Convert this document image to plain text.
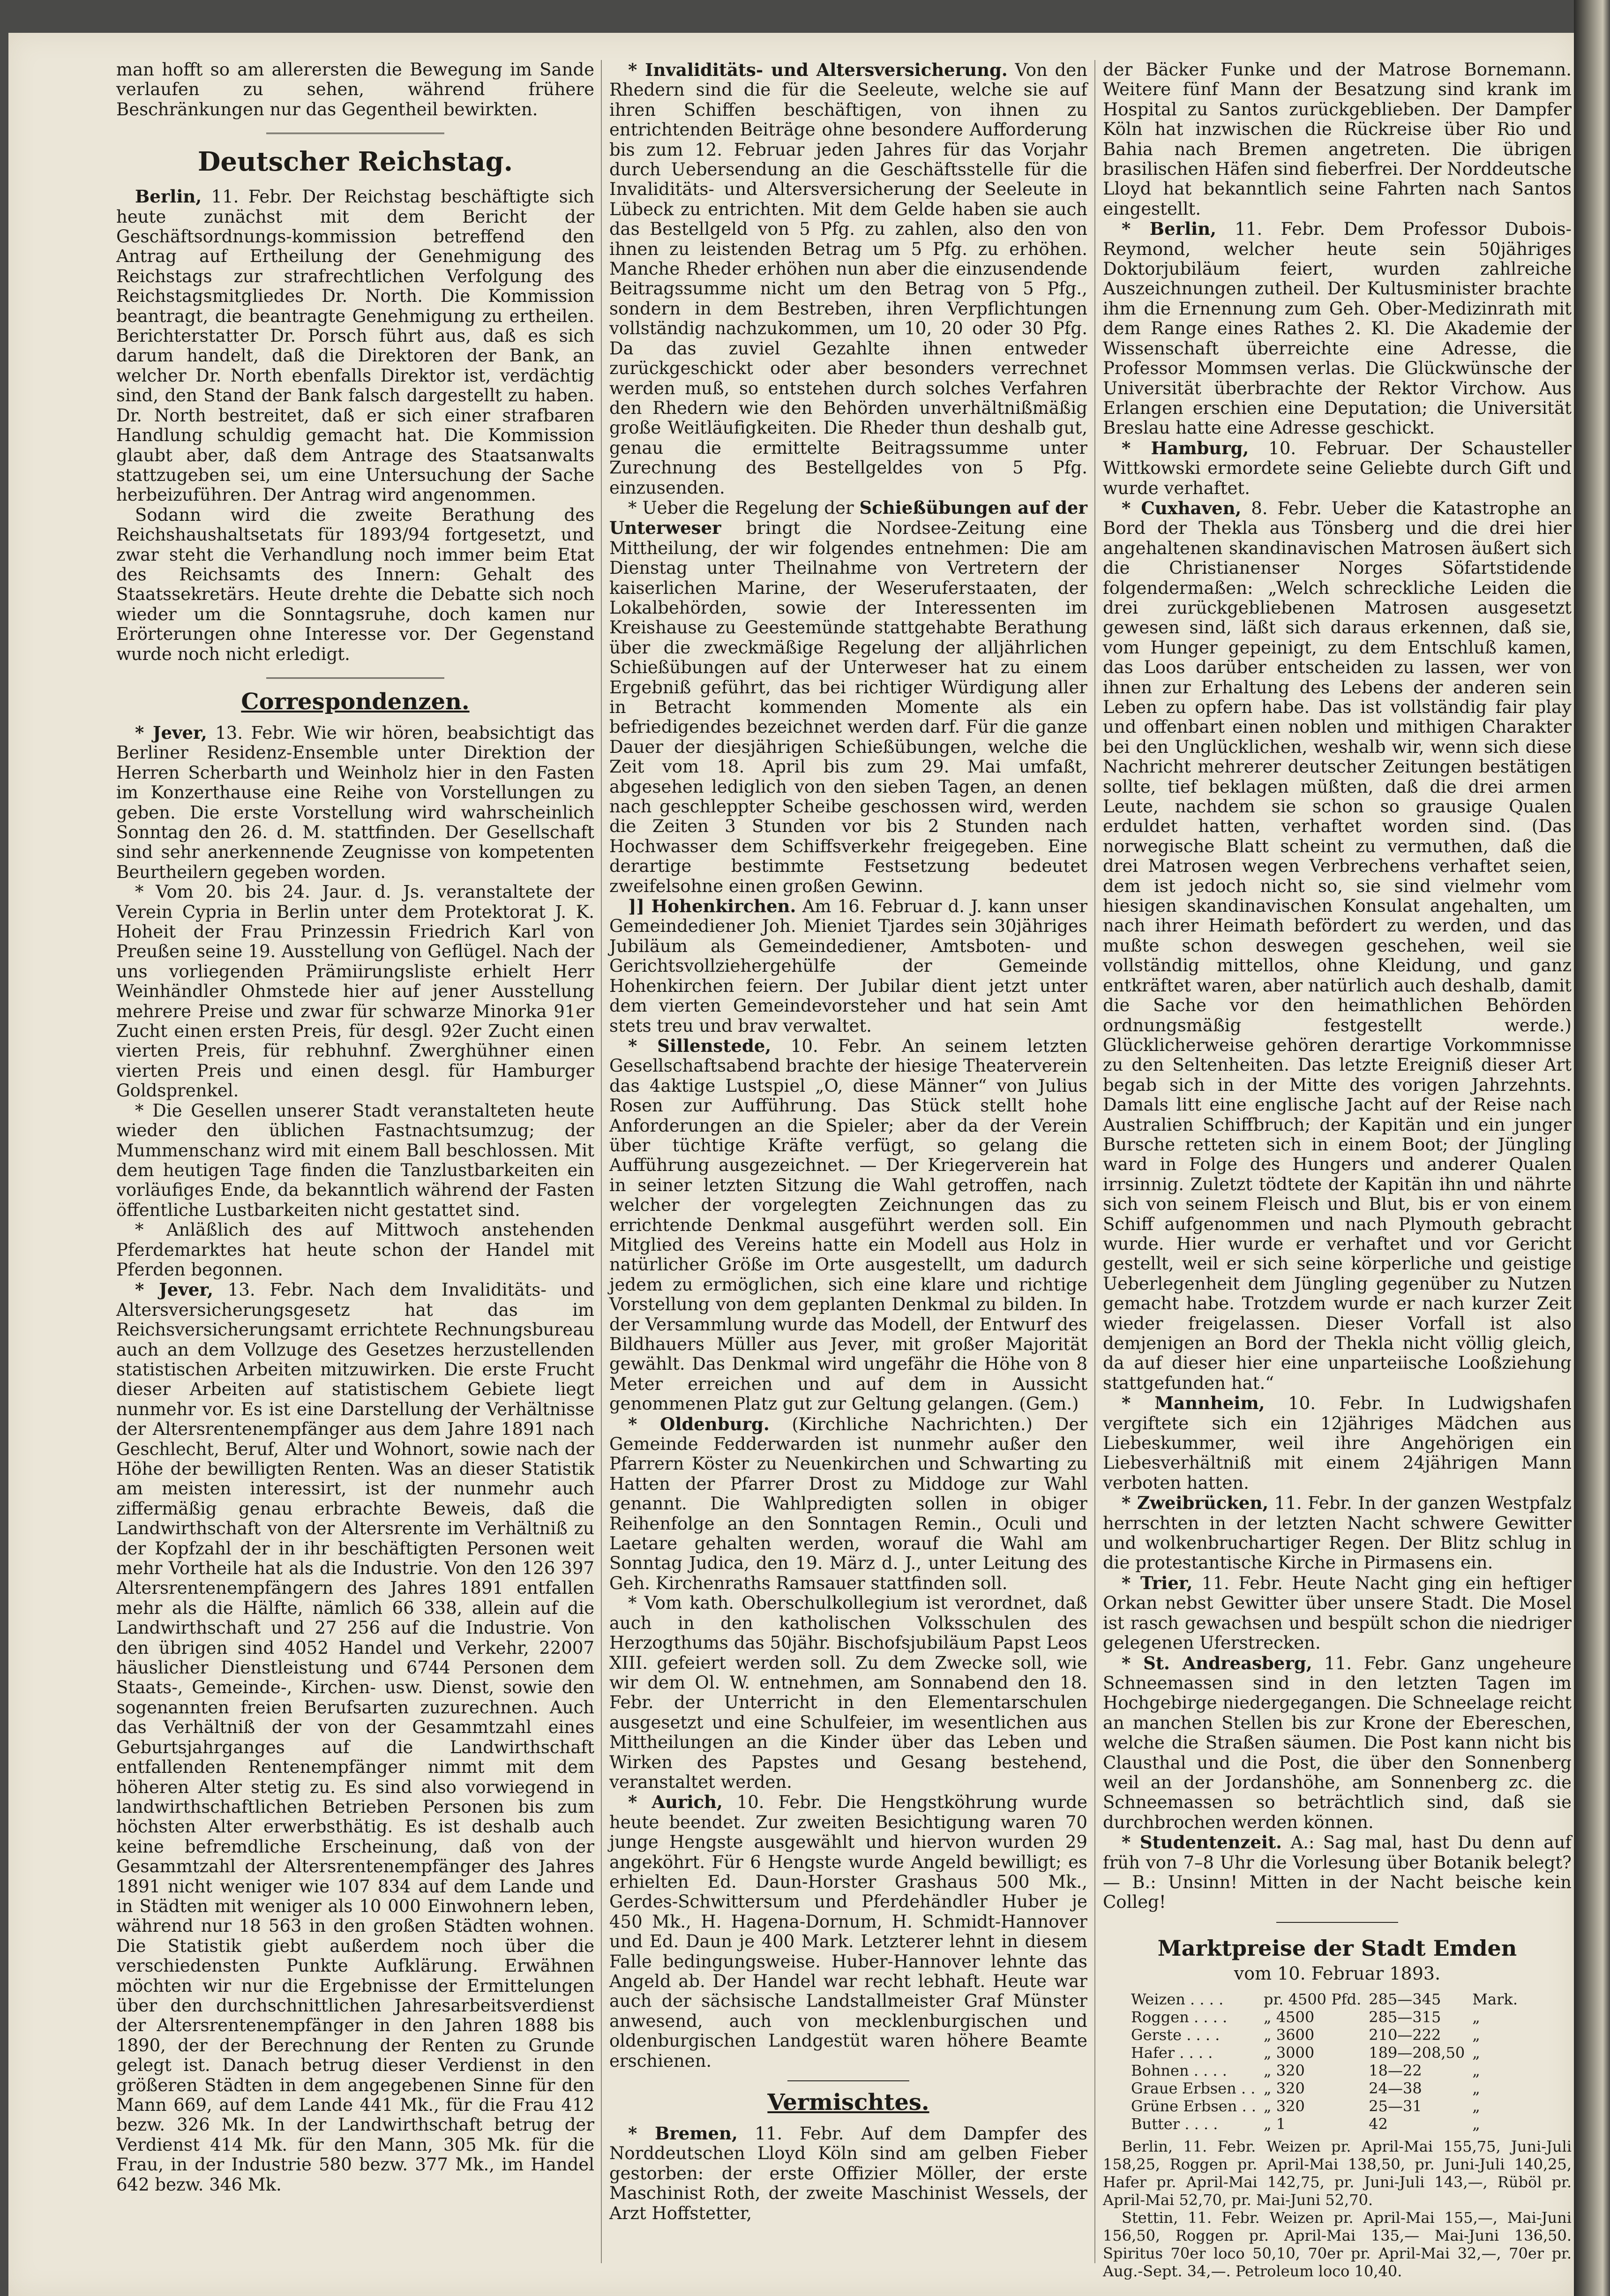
man hofft so am allerersten die Bewegung im Sande verlaufen zu sehen, während frühere Beschränkungen nur das Gegentheil bewirkten.

Deutscher Reichstag.

Berlin, 11. Febr. Der Reichstag beschäftigte sich heute zunächst mit dem Bericht der Geschäftsordnungs-kommission betreffend den Antrag auf Ertheilung der Genehmigung des Reichstags zur strafrechtlichen Verfolgung des Reichstagsmitgliedes Dr. North. Die Kommission beantragt, die beantragte Genehmigung zu ertheilen. Berichterstatter Dr. Porsch führt aus, daß es sich darum handelt, daß die Direktoren der Bank, an welcher Dr. North ebenfalls Direktor ist, verdächtig sind, den Stand der Bank falsch dargestellt zu haben. Dr. North bestreitet, daß er sich einer strafbaren Handlung schuldig gemacht hat. Die Kommission glaubt aber, daß dem Antrage des Staatsanwalts stattzugeben sei, um eine Untersuchung der Sache herbeizuführen. Der Antrag wird angenommen.

Sodann wird die zweite Berathung des Reichshaushaltsetats für 1893/94 fortgesetzt, und zwar steht die Verhandlung noch immer beim Etat des Reichsamts des Innern: Gehalt des Staatssekretärs. Heute drehte die Debatte sich noch wieder um die Sonntagsruhe, doch kamen nur Erörterungen ohne Interesse vor. Der Gegenstand wurde noch nicht erledigt.

Correspondenzen.

* Jever, 13. Febr. Wie wir hören, beabsichtigt das Berliner Residenz-Ensemble unter Direktion der Herren Scherbarth und Weinholz hier in den Fasten im Konzerthause eine Reihe von Vorstellungen zu geben. Die erste Vorstellung wird wahrscheinlich Sonntag den 26. d. M. stattfinden. Der Gesellschaft sind sehr anerkennende Zeugnisse von kompetenten Beurtheilern gegeben worden.

* Vom 20. bis 24. Jaur. d. Js. veranstaltete der Verein Cypria in Berlin unter dem Protektorat J. K. Hoheit der Frau Prinzessin Friedrich Karl von Preußen seine 19. Ausstellung von Geflügel. Nach der uns vorliegenden Prämiirungsliste erhielt Herr Weinhändler Ohmstede hier auf jener Ausstellung mehrere Preise und zwar für schwarze Minorka 91er Zucht einen ersten Preis, für desgl. 92er Zucht einen vierten Preis, für rebhuhnf. Zwerghühner einen vierten Preis und einen desgl. für Hamburger Goldsprenkel.

* Die Gesellen unserer Stadt veranstalteten heute wieder den üblichen Fastnachtsumzug; der Mummenschanz wird mit einem Ball beschlossen. Mit dem heutigen Tage finden die Tanzlustbarkeiten ein vorläufiges Ende, da bekanntlich während der Fasten öffentliche Lustbarkeiten nicht gestattet sind.

* Anläßlich des auf Mittwoch anstehenden Pferdemarktes hat heute schon der Handel mit Pferden begonnen.

* Jever, 13. Febr. Nach dem Invaliditäts- und Altersversicherungsgesetz hat das im Reichsversicherungsamt errichtete Rechnungsbureau auch an dem Vollzuge des Gesetzes herzustellenden statistischen Arbeiten mitzuwirken. Die erste Frucht dieser Arbeiten auf statistischem Gebiete liegt nunmehr vor. Es ist eine Darstellung der Verhältnisse der Altersrentenempfänger aus dem Jahre 1891 nach Geschlecht, Beruf, Alter und Wohnort, sowie nach der Höhe der bewilligten Renten. Was an dieser Statistik am meisten interessirt, ist der nunmehr auch ziffermäßig genau erbrachte Beweis, daß die Landwirthschaft von der Altersrente im Verhältniß zu der Kopfzahl der in ihr beschäftigten Personen weit mehr Vortheile hat als die Industrie. Von den 126 397 Altersrentenempfängern des Jahres 1891 entfallen mehr als die Hälfte, nämlich 66 338, allein auf die Landwirthschaft und 27 256 auf die Industrie. Von den übrigen sind 4052 Handel und Verkehr, 22007 häuslicher Dienstleistung und 6744 Personen dem Staats-, Gemeinde-, Kirchen- usw. Dienst, sowie den sogenannten freien Berufsarten zuzurechnen. Auch das Verhältniß der von der Gesammtzahl eines Geburtsjahrganges auf die Landwirthschaft entfallenden Rentenempfänger nimmt mit dem höheren Alter stetig zu. Es sind also vorwiegend in landwirthschaftlichen Betrieben Personen bis zum höchsten Alter erwerbsthätig. Es ist deshalb auch keine befremdliche Erscheinung, daß von der Gesammtzahl der Altersrentenempfänger des Jahres 1891 nicht weniger wie 107 834 auf dem Lande und in Städten mit weniger als 10 000 Einwohnern leben, während nur 18 563 in den großen Städten wohnen. Die Statistik giebt außerdem noch über die verschiedensten Punkte Aufklärung. Erwähnen möchten wir nur die Ergebnisse der Ermittelungen über den durchschnittlichen Jahresarbeitsverdienst der Altersrentenempfänger in den Jahren 1888 bis 1890, der der Berechnung der Renten zu Grunde gelegt ist. Danach betrug dieser Verdienst in den größeren Städten in dem angegebenen Sinne für den Mann 669, auf dem Lande 441 Mk., für die Frau 412 bezw. 326 Mk. In der Landwirthschaft betrug der Verdienst 414 Mk. für den Mann, 305 Mk. für die Frau, in der Industrie 580 bezw. 377 Mk., im Handel 642 bezw. 346 Mk.

* Invaliditäts- und Altersversicherung. Von den Rhedern sind die für die Seeleute, welche sie auf ihren Schiffen beschäftigen, von ihnen zu entrichtenden Beiträge ohne besondere Aufforderung bis zum 12. Februar jeden Jahres für das Vorjahr durch Uebersendung an die Geschäftsstelle für die Invaliditäts- und Altersversicherung der Seeleute in Lübeck zu entrichten. Mit dem Gelde haben sie auch das Bestellgeld von 5 Pfg. zu zahlen, also den von ihnen zu leistenden Betrag um 5 Pfg. zu erhöhen. Manche Rheder erhöhen nun aber die einzusendende Beitragssumme nicht um den Betrag von 5 Pfg., sondern in dem Bestreben, ihren Verpflichtungen vollständig nachzukommen, um 10, 20 oder 30 Pfg. Da das zuviel Gezahlte ihnen entweder zurückgeschickt oder aber besonders verrechnet werden muß, so entstehen durch solches Verfahren den Rhedern wie den Behörden unverhältnißmäßig große Weitläufigkeiten. Die Rheder thun deshalb gut, genau die ermittelte Beitragssumme unter Zurechnung des Bestellgeldes von 5 Pfg. einzusenden.

* Ueber die Regelung der Schießübungen auf der Unterweser bringt die Nordsee-Zeitung eine Mittheilung, der wir folgendes entnehmen: Die am Dienstag unter Theilnahme von Vertretern der kaiserlichen Marine, der Weseruferstaaten, der Lokalbehörden, sowie der Interessenten im Kreishause zu Geestemünde stattgehabte Berathung über die zweckmäßige Regelung der alljährlichen Schießübungen auf der Unterweser hat zu einem Ergebniß geführt, das bei richtiger Würdigung aller in Betracht kommenden Momente als ein befriedigendes bezeichnet werden darf. Für die ganze Dauer der diesjährigen Schießübungen, welche die Zeit vom 18. April bis zum 29. Mai umfaßt, abgesehen lediglich von den sieben Tagen, an denen nach geschleppter Scheibe geschossen wird, werden die Zeiten 3 Stunden vor bis 2 Stunden nach Hochwasser dem Schiffsverkehr freigegeben. Eine derartige bestimmte Festsetzung bedeutet zweifelsohne einen großen Gewinn.

]] Hohenkirchen. Am 16. Februar d. J. kann unser Gemeindediener Joh. Mieniet Tjardes sein 30jähriges Jubiläum als Gemeindediener, Amtsboten- und Gerichtsvollziehergehülfe der Gemeinde Hohenkirchen feiern. Der Jubilar dient jetzt unter dem vierten Gemeindevorsteher und hat sein Amt stets treu und brav verwaltet.

* Sillenstede, 10. Febr. An seinem letzten Gesellschaftsabend brachte der hiesige Theaterverein das 4aktige Lustspiel „O, diese Männer“ von Julius Rosen zur Aufführung. Das Stück stellt hohe Anforderungen an die Spieler; aber da der Verein über tüchtige Kräfte verfügt, so gelang die Aufführung ausgezeichnet. — Der Kriegerverein hat in seiner letzten Sitzung die Wahl getroffen, nach welcher der vorgelegten Zeichnungen das zu errichtende Denkmal ausgeführt werden soll. Ein Mitglied des Vereins hatte ein Modell aus Holz in natürlicher Größe im Orte ausgestellt, um dadurch jedem zu ermöglichen, sich eine klare und richtige Vorstellung von dem geplanten Denkmal zu bilden. In der Versammlung wurde das Modell, der Entwurf des Bildhauers Müller aus Jever, mit großer Majorität gewählt. Das Denkmal wird ungefähr die Höhe von 8 Meter erreichen und auf dem in Aussicht genommenen Platz gut zur Geltung gelangen. (Gem.)

* Oldenburg. (Kirchliche Nachrichten.) Der Gemeinde Fedderwarden ist nunmehr außer den Pfarrern Köster zu Neuenkirchen und Schwarting zu Hatten der Pfarrer Drost zu Middoge zur Wahl genannt. Die Wahlpredigten sollen in obiger Reihenfolge an den Sonntagen Remin., Oculi und Laetare gehalten werden, worauf die Wahl am Sonntag Judica, den 19. März d. J., unter Leitung des Geh. Kirchenraths Ramsauer stattfinden soll.

* Vom kath. Oberschulkollegium ist verordnet, daß auch in den katholischen Volksschulen des Herzogthums das 50jähr. Bischofsjubiläum Papst Leos XIII. gefeiert werden soll. Zu dem Zwecke soll, wie wir dem Ol. W. entnehmen, am Sonnabend den 18. Febr. der Unterricht in den Elementarschulen ausgesetzt und eine Schulfeier, im wesentlichen aus Mittheilungen an die Kinder über das Leben und Wirken des Papstes und Gesang bestehend, veranstaltet werden.

* Aurich, 10. Febr. Die Hengstköhrung wurde heute beendet. Zur zweiten Besichtigung waren 70 junge Hengste ausgewählt und hiervon wurden 29 angeköhrt. Für 6 Hengste wurde Angeld bewilligt; es erhielten Ed. Daun-Horster Grashaus 500 Mk., Gerdes-Schwittersum und Pferdehändler Huber je 450 Mk., H. Hagena-Dornum, H. Schmidt-Hannover und Ed. Daun je 400 Mark. Letzterer lehnt in diesem Falle bedingungsweise. Huber-Hannover lehnte das Angeld ab. Der Handel war recht lebhaft. Heute war auch der sächsische Landstallmeister Graf Münster anwesend, auch von mecklenburgischen und oldenburgischen Landgestüt waren höhere Beamte erschienen.

Vermischtes.

* Bremen, 11. Febr. Auf dem Dampfer des Norddeutschen Lloyd Köln sind am gelben Fieber gestorben: der erste Offizier Möller, der erste Maschinist Roth, der zweite Maschinist Wessels, der Arzt Hoffstetter,

der Bäcker Funke und der Matrose Bornemann. Weitere fünf Mann der Besatzung sind krank im Hospital zu Santos zurückgeblieben. Der Dampfer Köln hat inzwischen die Rückreise über Rio und Bahia nach Bremen angetreten. Die übrigen brasilischen Häfen sind fieberfrei. Der Norddeutsche Lloyd hat bekanntlich seine Fahrten nach Santos eingestellt.

* Berlin, 11. Febr. Dem Professor Dubois-Reymond, welcher heute sein 50jähriges Doktorjubiläum feiert, wurden zahlreiche Auszeichnungen zutheil. Der Kultusminister brachte ihm die Ernennung zum Geh. Ober-Medizinrath mit dem Range eines Rathes 2. Kl. Die Akademie der Wissenschaft überreichte eine Adresse, die Professor Mommsen verlas. Die Glückwünsche der Universität überbrachte der Rektor Virchow. Aus Erlangen erschien eine Deputation; die Universität Breslau hatte eine Adresse geschickt.

* Hamburg, 10. Februar. Der Schausteller Wittkowski ermordete seine Geliebte durch Gift und wurde verhaftet.

* Cuxhaven, 8. Febr. Ueber die Katastrophe an Bord der Thekla aus Tönsberg und die drei hier angehaltenen skandinavischen Matrosen äußert sich die Christianenser Norges Söfartstidende folgendermaßen: „Welch schreckliche Leiden die drei zurückgebliebenen Matrosen ausgesetzt gewesen sind, läßt sich daraus erkennen, daß sie, vom Hunger gepeinigt, zu dem Entschluß kamen, das Loos darüber entscheiden zu lassen, wer von ihnen zur Erhaltung des Lebens der anderen sein Leben zu opfern habe. Das ist vollständig fair play und offenbart einen noblen und mithigen Charakter bei den Unglücklichen, weshalb wir, wenn sich diese Nachricht mehrerer deutscher Zeitungen bestätigen sollte, tief beklagen müßten, daß die drei armen Leute, nachdem sie schon so grausige Qualen erduldet hatten, verhaftet worden sind. (Das norwegische Blatt scheint zu vermuthen, daß die drei Matrosen wegen Verbrechens verhaftet seien, dem ist jedoch nicht so, sie sind vielmehr vom hiesigen skandinavischen Konsulat angehalten, um nach ihrer Heimath befördert zu werden, und das mußte schon deswegen geschehen, weil sie vollständig mittellos, ohne Kleidung, und ganz entkräftet waren, aber natürlich auch deshalb, damit die Sache vor den heimathlichen Behörden ordnungsmäßig festgestellt werde.) Glücklicherweise gehören derartige Vorkommnisse zu den Seltenheiten. Das letzte Ereigniß dieser Art begab sich in der Mitte des vorigen Jahrzehnts. Damals litt eine englische Jacht auf der Reise nach Australien Schiffbruch; der Kapitän und ein junger Bursche retteten sich in einem Boot; der Jüngling ward in Folge des Hungers und anderer Qualen irrsinnig. Zuletzt tödtete der Kapitän ihn und nährte sich von seinem Fleisch und Blut, bis er von einem Schiff aufgenommen und nach Plymouth gebracht wurde. Hier wurde er verhaftet und vor Gericht gestellt, weil er sich seine körperliche und geistige Ueberlegenheit dem Jüngling gegenüber zu Nutzen gemacht habe. Trotzdem wurde er nach kurzer Zeit wieder freigelassen. Dieser Vorfall ist also demjenigen an Bord der Thekla nicht völlig gleich, da auf dieser hier eine unparteiische Looßziehung stattgefunden hat.“

* Mannheim, 10. Febr. In Ludwigshafen vergiftete sich ein 12jähriges Mädchen aus Liebeskummer, weil ihre Angehörigen ein Liebesverhältniß mit einem 24jährigen Mann verboten hatten.

* Zweibrücken, 11. Febr. In der ganzen Westpfalz herrschten in der letzten Nacht schwere Gewitter und wolkenbruchartiger Regen. Der Blitz schlug in die protestantische Kirche in Pirmasens ein.

* Trier, 11. Febr. Heute Nacht ging ein heftiger Orkan nebst Gewitter über unsere Stadt. Die Mosel ist rasch gewachsen und bespült schon die niedriger gelegenen Uferstrecken.

* St. Andreasberg, 11. Febr. Ganz ungeheure Schneemassen sind in den letzten Tagen im Hochgebirge niedergegangen. Die Schneelage reicht an manchen Stellen bis zur Krone der Ebereschen, welche die Straßen säumen. Die Post kann nicht bis Clausthal und die Post, die über den Sonnenberg weil an der Jordanshöhe, am Sonnenberg zc. die Schneemassen so beträchtlich sind, daß sie durchbrochen werden können.

* Studentenzeit. A.: Sag mal, hast Du denn auf früh von 7–8 Uhr die Vorlesung über Botanik belegt? — B.: Unsinn! Mitten in der Nacht beische kein Colleg!

Marktpreise der Stadt Emden
vom 10. Februar 1893.
Weizen . . . .	pr. 4500 Pfd.	285—345	Mark.
Roggen . . . .	„ 4500	285—315	„
Gerste . . . .	„ 3600	210—222	„
Hafer . . . .	„ 3000	189—208,50	„
Bohnen . . . .	„ 320	18—22	„
Graue Erbsen . .	„ 320	24—38	„
Grüne Erbsen . .	„ 320	25—31	„
Butter . . . .	„ 1	42	„

Berlin, 11. Febr. Weizen pr. April-Mai 155,75, Juni-Juli 158,25, Roggen pr. April-Mai 138,50, pr. Juni-Juli 140,25, Hafer pr. April-Mai 142,75, pr. Juni-Juli 143,—, Rüböl pr. April-Mai 52,70, pr. Mai-Juni 52,70.

Stettin, 11. Febr. Weizen pr. April-Mai 155,—, Mai-Juni 156,50, Roggen pr. April-Mai 135,— Mai-Juni 136,50. Spiritus 70er loco 50,10, 70er pr. April-Mai 32,—, 70er pr. Aug.-Sept. 34,—. Petroleum loco 10,40.
